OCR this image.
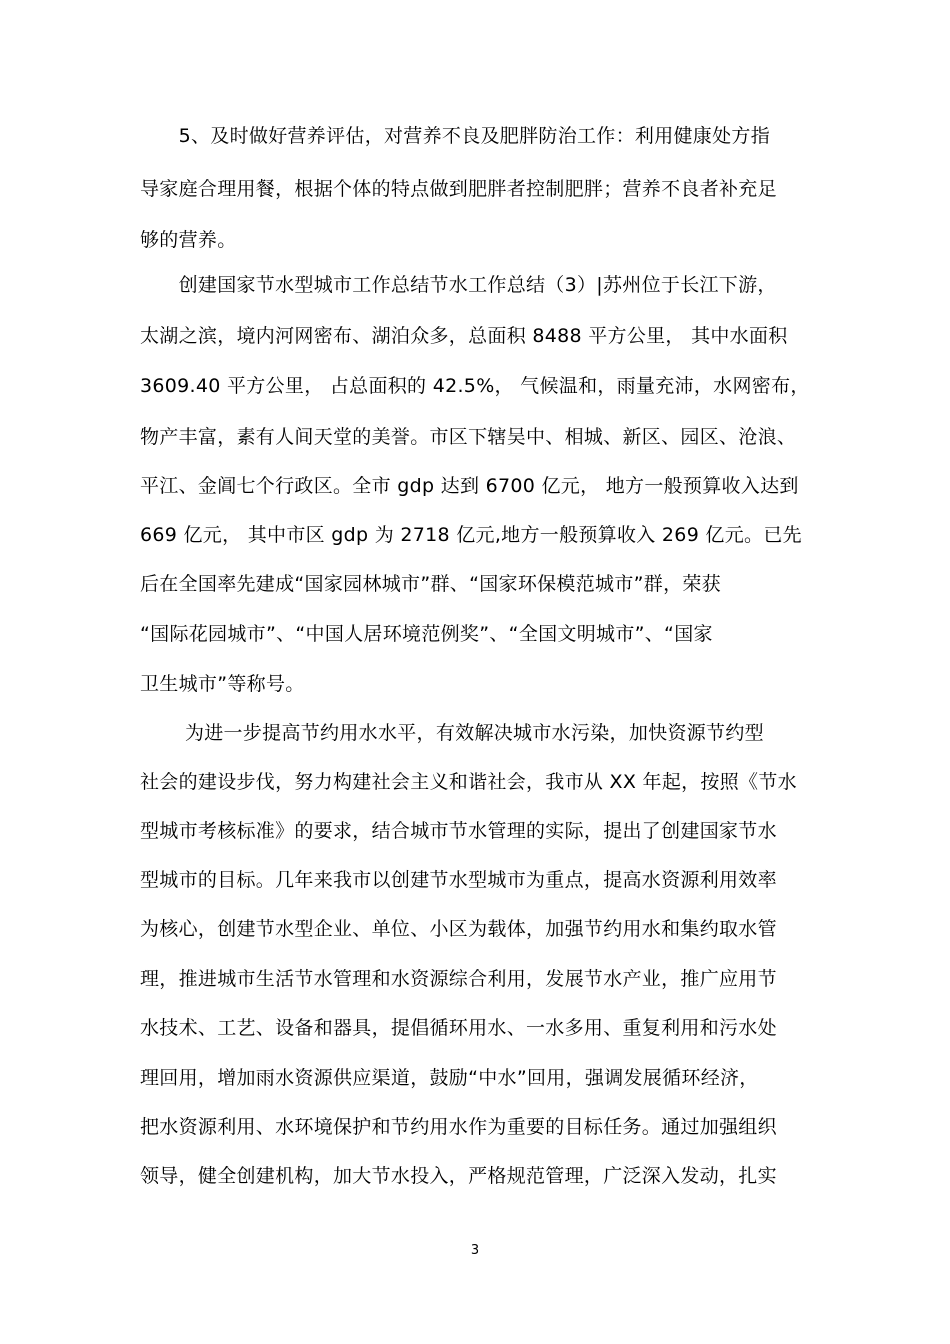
　　5、及时做好营养评估，对营养不良及肥胖防治工作：利用健康处方指
导家庭合理用餐，根据个体的特点做到肥胖者控制肥胖；营养不良者补充足
够的营养。
　　创建国家节水型城市工作总结节水工作总结（3）|苏州位于长江下游，
太湖之滨，境内河网密布、湖泊众多，总面积 8488 平方公里， 其中水面积
3609.40 平方公里， 占总面积的 42.5%， 气候温和，雨量充沛，水网密布，
物产丰富，素有人间天堂的美誉。市区下辖吴中、相城、新区、园区、沧浪、
平江、金阊七个行政区。全市 gdp 达到 6700 亿元， 地方一般预算收入达到
669 亿元， 其中市区 gdp 为 2718 亿元,地方一般预算收入 269 亿元。已先
后在全国率先建成“国家园林城市”群、“国家环保模范城市”群，荣获
“国际花园城市”、“中国人居环境范例奖”、“全国文明城市”、“国家
卫生城市”等称号。
　　 为进一步提高节约用水水平，有效解决城市水污染，加快资源节约型
社会的建设步伐，努力构建社会主义和谐社会，我市从 XX 年起，按照《节水
型城市考核标准》的要求，结合城市节水管理的实际，提出了创建国家节水
型城市的目标。几年来我市以创建节水型城市为重点，提高水资源利用效率
为核心，创建节水型企业、单位、小区为载体，加强节约用水和集约取水管
理，推进城市生活节水管理和水资源综合利用，发展节水产业，推广应用节
水技术、工艺、设备和器具，提倡循环用水、一水多用、重复利用和污水处
理回用，增加雨水资源供应渠道，鼓励“中水”回用，强调发展循环经济，
把水资源利用、水环境保护和节约用水作为重要的目标任务。通过加强组织
领导，健全创建机构，加大节水投入，严格规范管理，广泛深入发动，扎实
3
